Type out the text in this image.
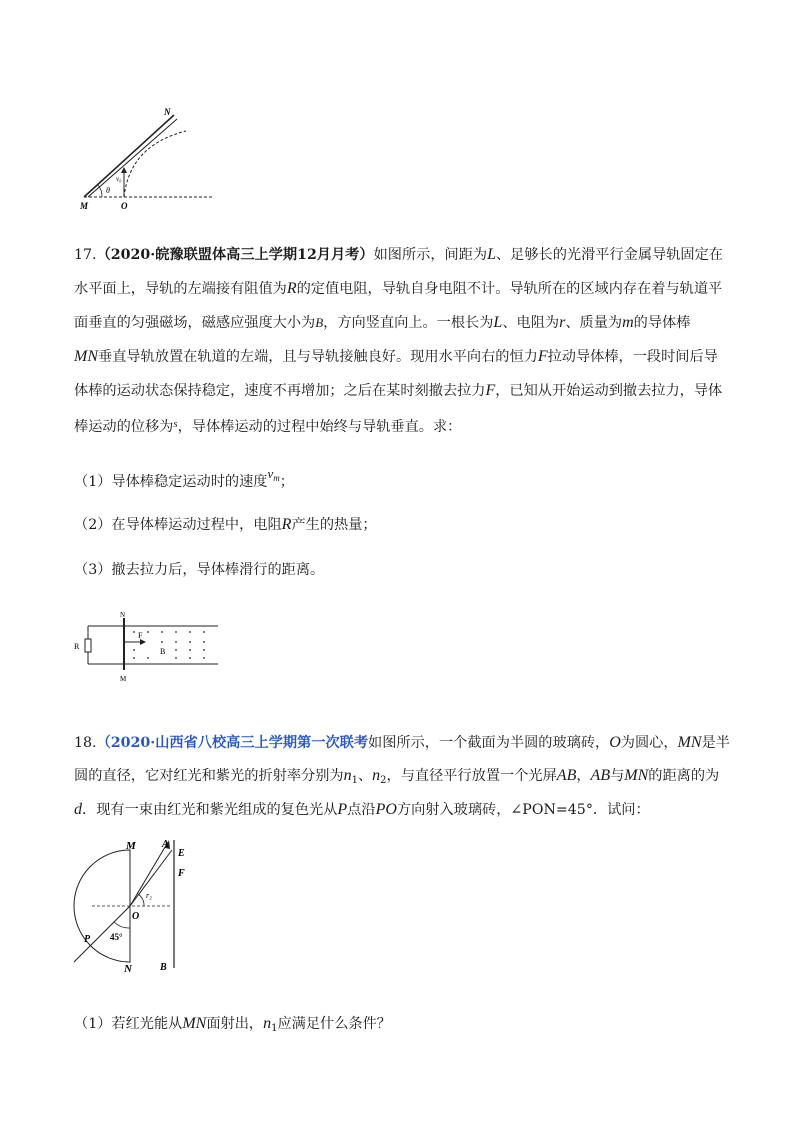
N
M	O
v₀
θ
17.（2020·皖豫联盟体高三上学期12月月考）如图所示，间距为L、足够长的光滑平行金属导轨固定在
水平面上，导轨的左端接有阻值为R的定值电阻，导轨自身电阻不计。导轨所在的区域内存在着与轨道平
面垂直的匀强磁场，磁感应强度大小为B，方向竖直向上。一根长为L、电阻为r、质量为m的导体棒
MN垂直导轨放置在轨道的左端，且与导轨接触良好。现用水平向右的恒力F拉动导体棒，一段时间后导
体棒的运动状态保持稳定，速度不再增加；之后在某时刻撤去拉力F，已知从开始运动到撤去拉力，导体
棒运动的位移为$^s$，导体棒运动的过程中始终与导轨垂直。求：
（1）导体棒稳定运动时的速度$v^m$；
（2）在导体棒运动过程中，电阻R产生的热量；
（3）撤去拉力后，导体棒滑行的距离。
R
N
M
F
B
18.（2020·山西省八校高三上学期第一次联考如图所示，一个截面为半圆的玻璃砖，O为圆心，MN是半
圆的直径，它对红光和紫光的折射率分别为$n_1$、$n_2$，与直径平行放置一个光屏AB，AB与MN的距离的为
d．现有一束由红光和紫光组成的复色光从P点沿PO方向射入玻璃砖，∠PON=45°．试问：
M
N
A
E
F
B
O
P 45°
r₂
（1）若红光能从MN面射出，$n_1$应满足什么条件？
